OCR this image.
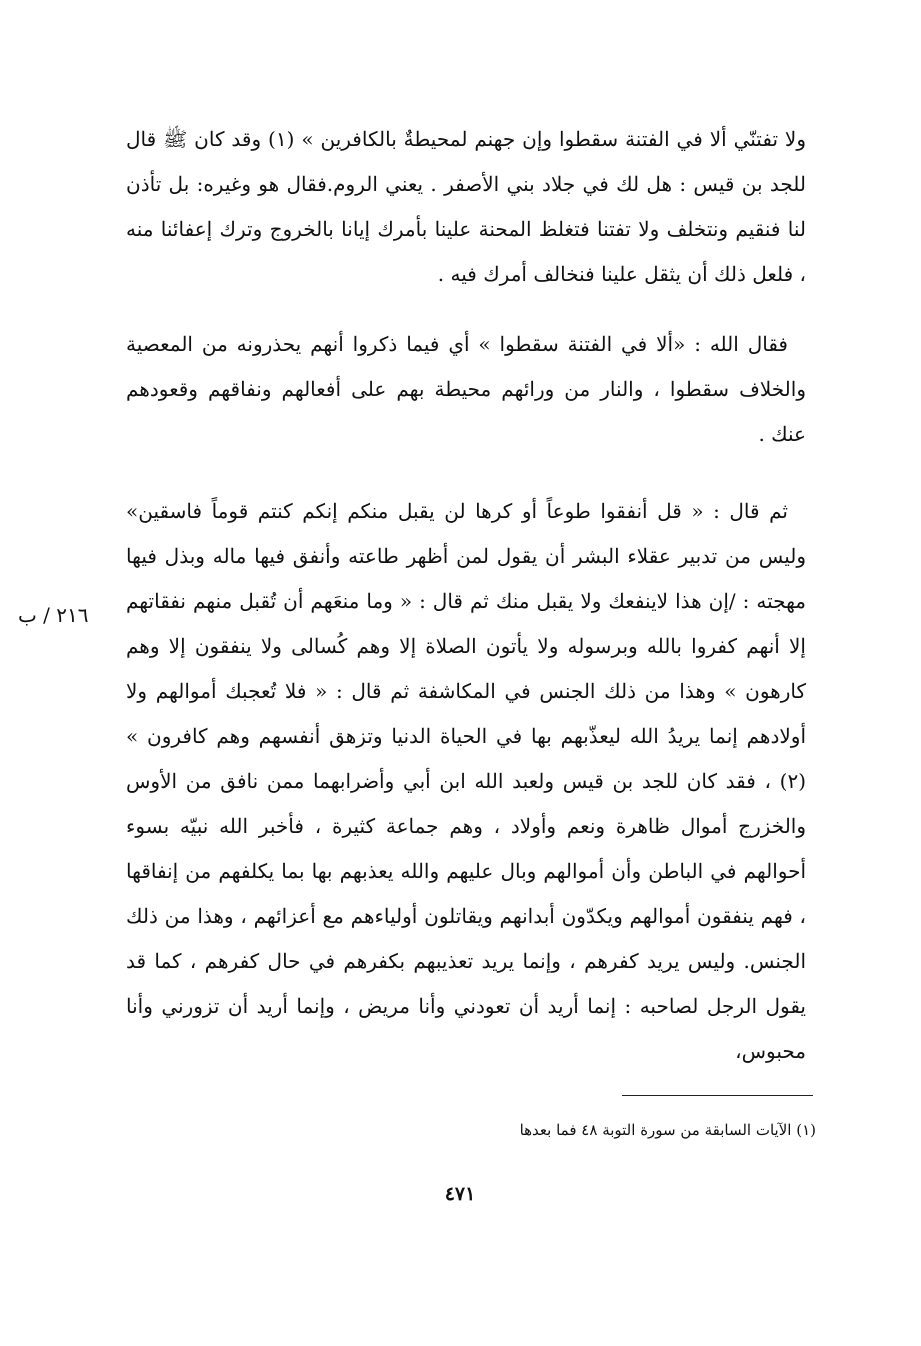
ولا تفتنّي ألا في الفتنة سقطوا وإن جهنم لمحيطةٌ بالكافرين » (١) وقد كان ﷺ قال للجد بن قيس : هل لك في جلاد بني الأصفر . يعني الروم.فقال هو وغيره: بل تأذن لنا فنقيم ونتخلف ولا تفتنا فتغلظ المحنة علينا بأمرك إيانا بالخروج وترك إعفائنا منه ، فلعل ذلك أن يثقل علينا فنخالف أمرك فيه .
فقال الله : «ألا في الفتنة سقطوا » أي فيما ذكروا أنهم يحذرونه من المعصية والخلاف سقطوا ، والنار من ورائهم محيطة بهم على أفعالهم ونفاقهم وقعودهم عنك .
ثم قال : « قل أنفقوا طوعاً أو كرها لن يقبل منكم إنكم كنتم قوماً فاسقين» وليس من تدبير عقلاء البشر أن يقول لمن أظهر طاعته وأنفق فيها ماله وبذل فيها مهجته : /إن هذا لاينفعك ولا يقبل منك ثم قال : « وما منعَهم أن تُقبل منهم نفقاتهم إلا أنهم كفروا بالله وبرسوله ولا يأتون الصلاة إلا وهم كُسالى ولا ينفقون إلا وهم كارهون » وهذا من ذلك الجنس في المكاشفة ثم قال : « فلا تُعجبك أموالهم ولا أولادهم إنما يريدُ الله ليعذّبهم بها في الحياة الدنيا وتزهق أنفسهم وهم كافرون » (٢) ، فقد كان للجد بن قيس ولعبد الله ابن أبي وأضرابهما ممن نافق من الأوس والخزرج أموال ظاهرة ونعم وأولاد ، وهم جماعة كثيرة ، فأخبر الله نبيّه بسوء أحوالهم في الباطن وأن أموالهم وبال عليهم والله يعذبهم بها بما يكلفهم من إنفاقها ، فهم ينفقون أموالهم ويكدّون أبدانهم ويقاتلون أولياءهم مع أعزائهم ، وهذا من ذلك الجنس. وليس يريد كفرهم ، وإنما يريد تعذيبهم بكفرهم في حال كفرهم ، كما قد يقول الرجل لصاحبه : إنما أريد أن تعودني وأنا مريض ، وإنما أريد أن تزورني وأنا محبوس،
٢١٦ / ب
(١) الآيات السابقة من سورة التوبة ٤٨ فما بعدها
٤٧١
